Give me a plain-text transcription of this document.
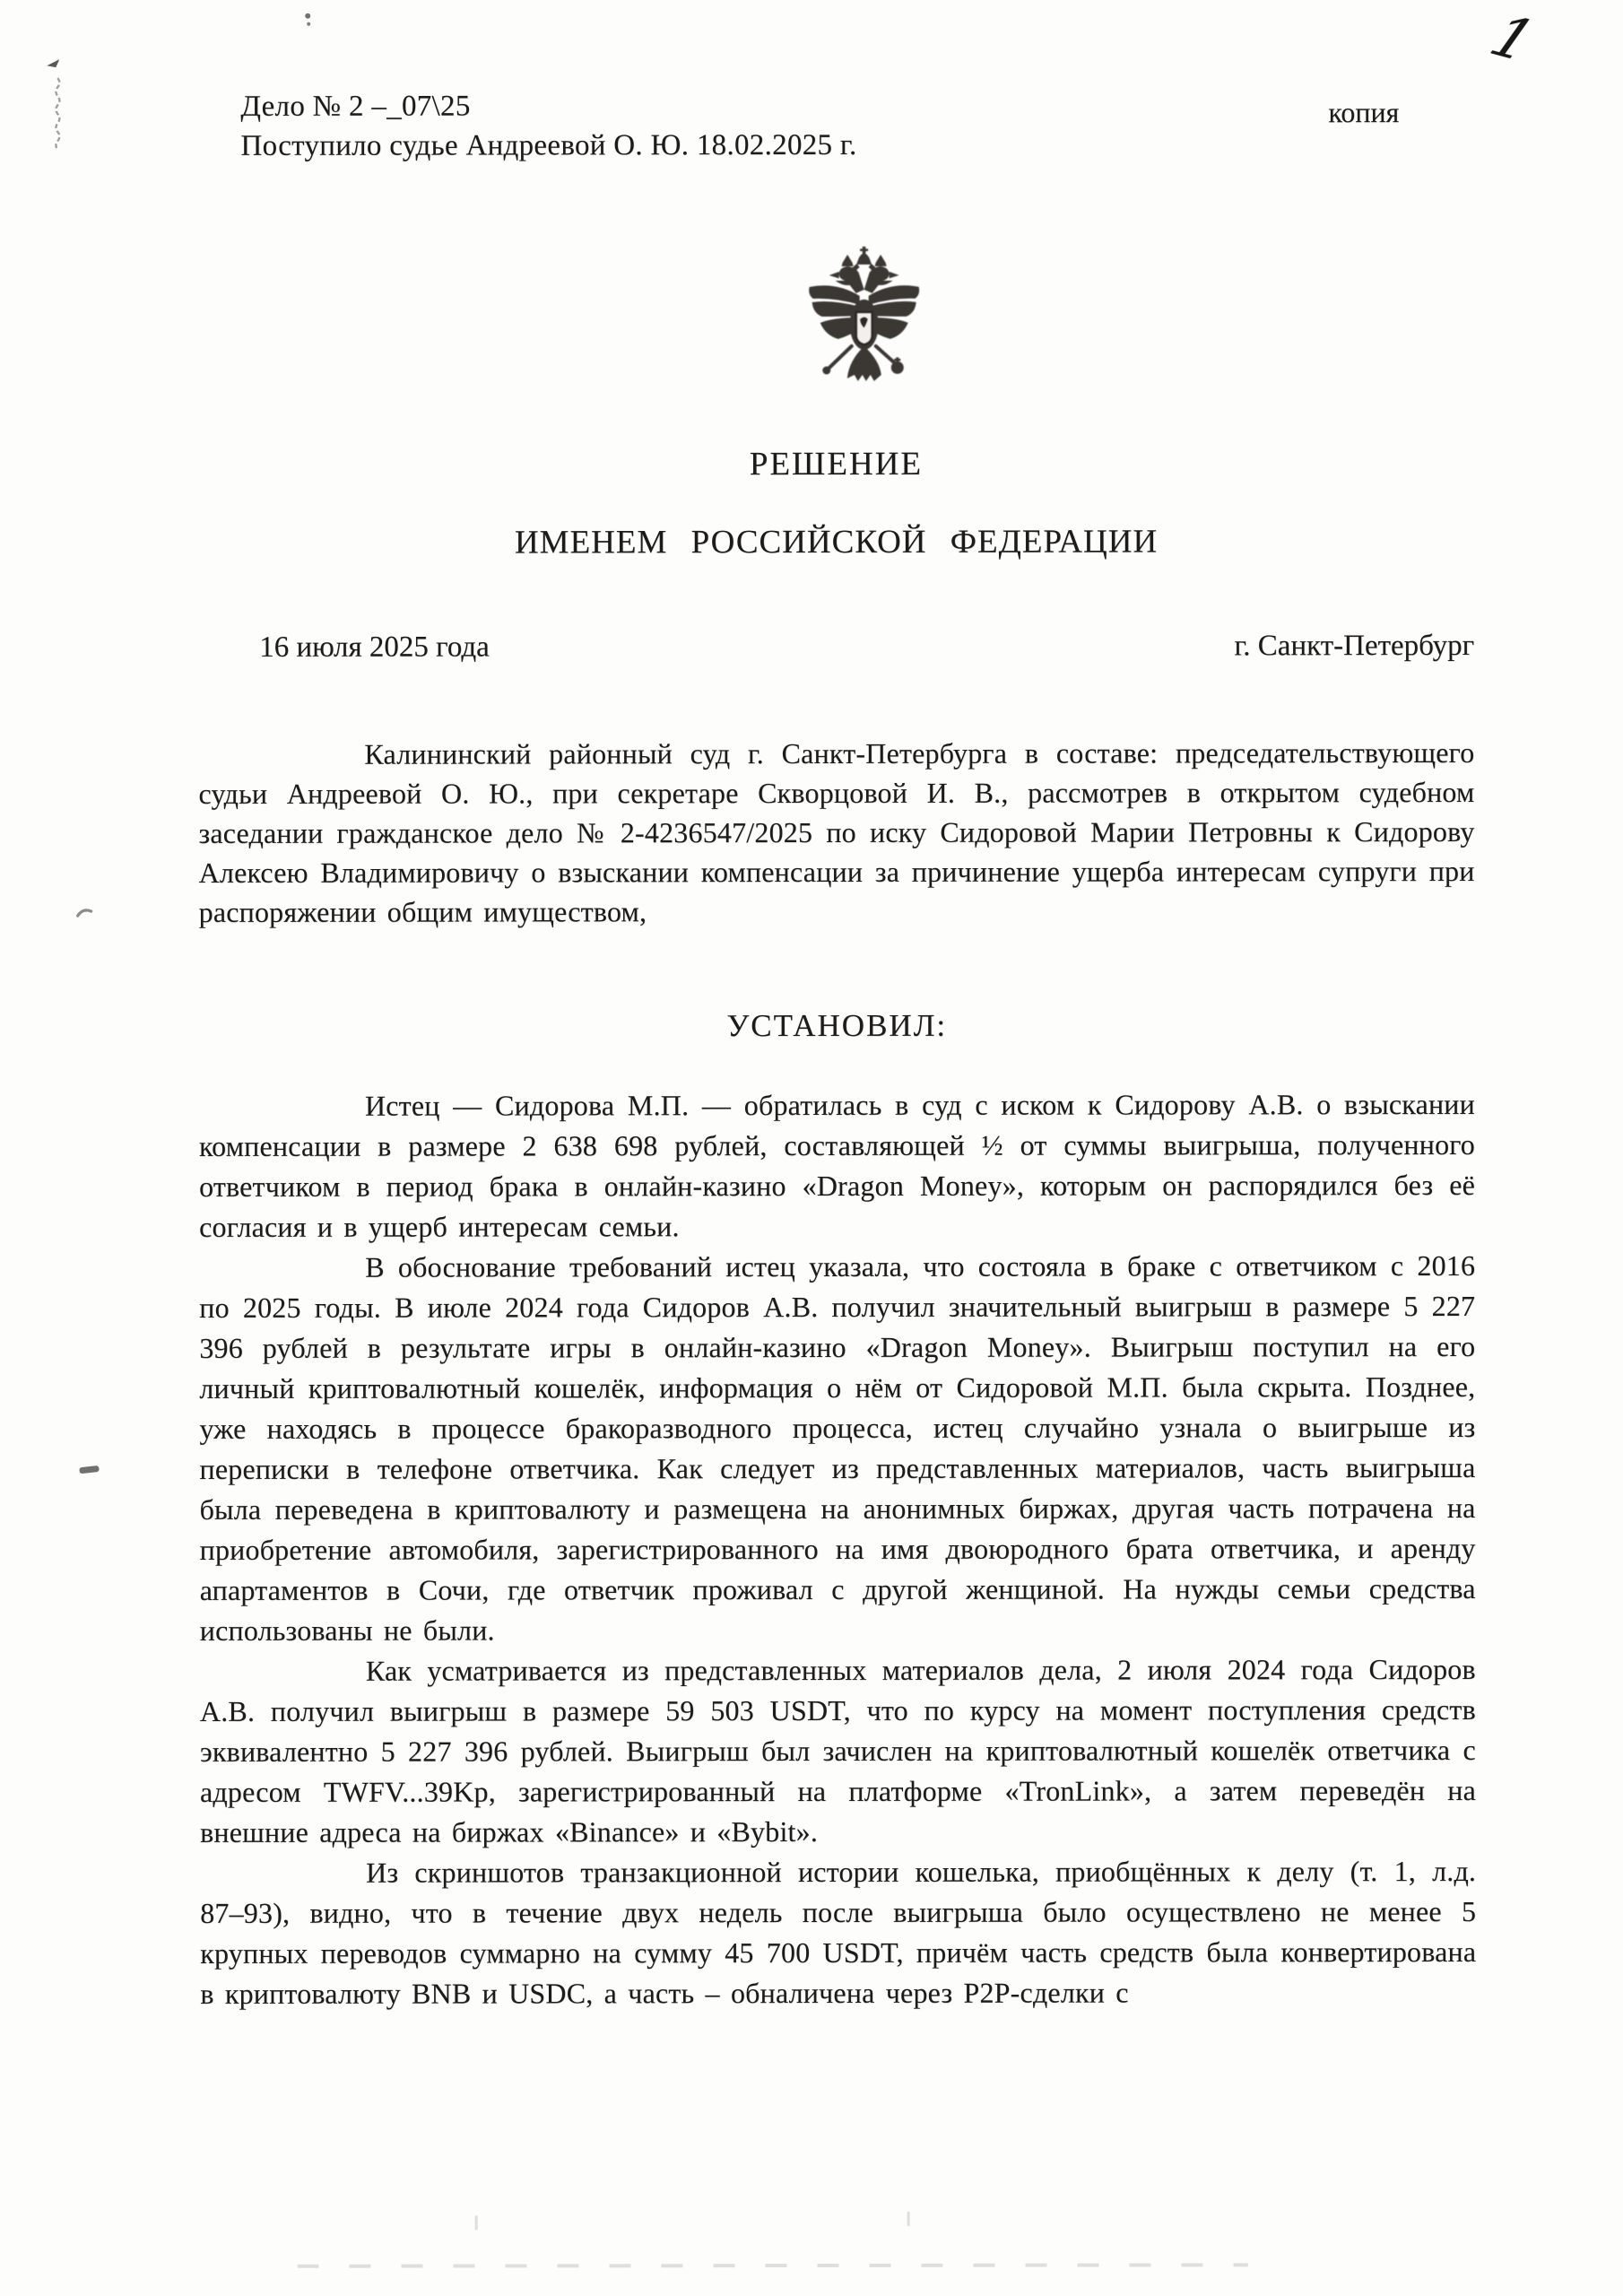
1
Дело № 2 –_07\25	копия
Поступило судье Андреевой О. Ю. 18.02.2025 г.
РЕШЕНИЕ
ИМЕНЕМ РОССИЙСКОЙ ФЕДЕРАЦИИ
16 июля 2025 года	г. Санкт-Петербург

Калининский районный суд г. Санкт-Петербурга в составе: председательствующего судьи Андреевой О. Ю., при секретаре Скворцовой И. В., рассмотрев в открытом судебном заседании гражданское дело № 2-4236547/2025 по иску Сидоровой Марии Петровны к Сидорову Алексею Владимировичу о взыскании компенсации за причинение ущерба интересам супруги при распоряжении общим имуществом,

УСТАНОВИЛ:

Истец — Сидорова М.П. — обратилась в суд с иском к Сидорову А.В. о взыскании компенсации в размере 2 638 698 рублей, составляющей ½ от суммы выигрыша, полученного ответчиком в период брака в онлайн-казино «Dragon Money», которым он распорядился без её согласия и в ущерб интересам семьи.

В обоснование требований истец указала, что состояла в браке с ответчиком с 2016 по 2025 годы. В июле 2024 года Сидоров А.В. получил значительный выигрыш в размере 5 227 396 рублей в результате игры в онлайн-казино «Dragon Money». Выигрыш поступил на его личный криптовалютный кошелёк, информация о нём от Сидоровой М.П. была скрыта. Позднее, уже находясь в процессе бракоразводного процесса, истец случайно узнала о выигрыше из переписки в телефоне ответчика. Как следует из представленных материалов, часть выигрыша была переведена в криптовалюту и размещена на анонимных биржах, другая часть потрачена на приобретение автомобиля, зарегистрированного на имя двоюродного брата ответчика, и аренду апартаментов в Сочи, где ответчик проживал с другой женщиной. На нужды семьи средства использованы не были.

Как усматривается из представленных материалов дела, 2 июля 2024 года Сидоров А.В. получил выигрыш в размере 59 503 USDT, что по курсу на момент поступления средств эквивалентно 5 227 396 рублей. Выигрыш был зачислен на криптовалютный кошелёк ответчика с адресом TWFV...39Kp, зарегистрированный на платформе «TronLink», а затем переведён на внешние адреса на биржах «Binance» и «Bybit».

Из скриншотов транзакционной истории кошелька, приобщённых к делу (т. 1, л.д. 87–93), видно, что в течение двух недель после выигрыша было осуществлено не менее 5 крупных переводов суммарно на сумму 45 700 USDT, причём часть средств была конвертирована в криптовалюту BNB и USDC, а часть – обналичена через P2P-сделки с
